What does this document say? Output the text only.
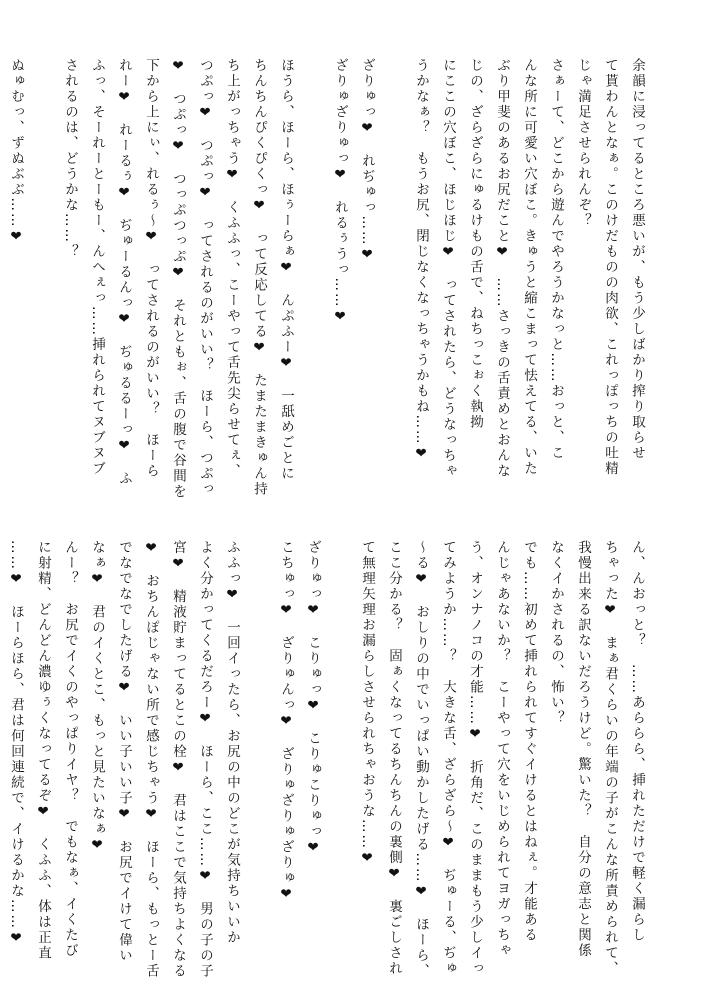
余韻に浸ってるところ悪いが、もう少しばかり搾り取らせ
て貰わんとなぁ。このけだものの肉欲、これっぽっちの吐精
じゃ満足させられんぞ？
さぁーて、どこから遊んでやろうかなっと……おっと、こ
んな所に可愛い穴ぼこ。きゅうと縮こまって怯えてる、いた
ぶり甲斐のあるお尻だこと❤　……さっきの舌責めとおんな
じの、ざらざらにゅるけもの舌で、ねちっこぉく執拗
にここの穴ぼこ、ほじほじ❤　ってされたら、どうなっちゃ
うかなぁ？　もうお尻、閉じなくなっちゃうかもね……❤
ざりゅっ❤　れぢゅっ……❤
ざりゅざりゅっ❤　れるぅうっ……❤
ほうら、ほーら、ほぅーらぁ❤　んぷふー❤　一舐めごとに
ちんちんぴくぴくっ❤　って反応してる❤　たまたまきゅん持
ち上がっちゃう❤　くふふっ、こーやって舌先尖らせてぇ、
つぷっ❤　つぷっ❤　ってされるのがいい？　ほーら、つぷっ
❤　つぷっ❤　つっぷつっぷ❤　それともぉ、舌の腹で谷間を
下から上にぃ、れるぅ～❤　ってされるのがいい？　ほーら
れー❤　れーるぅ❤　ぢゅーるんっ❤　ぢゅるるーっ❤　ふ
ふっ、そーれーとーもー、んへぇっ……挿れられてヌブヌブ
されるのは、どうかな……？
ぬゅむっ、ずぬぶぶ……❤
ん、んおっと？　……あららら、挿れただけで軽く漏らし
ちゃった❤　まぁ君くらいの年端の子がこんな所責められて、
我慢出来る訳ないだろうけど。驚いた？　自分の意志と関係
なくイかされるの、怖い？
でも……初めて挿れられてすぐイけるとはねぇ。才能ある
んじゃあないか？　こーやって穴をいじめられてヨガっちゃ
う、オンナノコの才能……❤　折角だ、このままもう少しイっ
てみようか……？　大きな舌、ざらざら～❤　ぢゅーる、ぢゅ
～る❤　おしりの中でいっぱい動かしたげる……❤　ほーら、
ここ分かる？　固ぁくなってるちんちんの裏側❤　裏ごしされ
て無理矢理お漏らしさせられちゃおうな……❤
ざりゅっ❤　こりゅっ❤　こりゅこりゅっ❤
こちゅっ❤　ざりゅんっ❤　ざりゅざりゅざりゅ❤
ふふっ❤　一回イったら、お尻の中のどこが気持ちいいか
よく分かってくるだろー❤　ほーら、ここ……❤　男の子の子
宮❤　精液貯まってるとこの栓❤　君はここで気持ちよくなる
❤　おちんぽじゃない所で感じちゃう❤　ほーら、もっとー舌
でなでなでしたげる❤　いい子いい子❤　お尻でイけて偉い
なぁ❤　君のイくとこ、もっと見たいなぁ❤
んー？　お尻でイくのやっぱりイヤ？　でもなぁ、イくたび
に射精、どんどん濃ゆぅくなってるぞ❤　くふふ、体は正直
……❤　ほーらほら、君は何回連続で、イけるかな……❤
